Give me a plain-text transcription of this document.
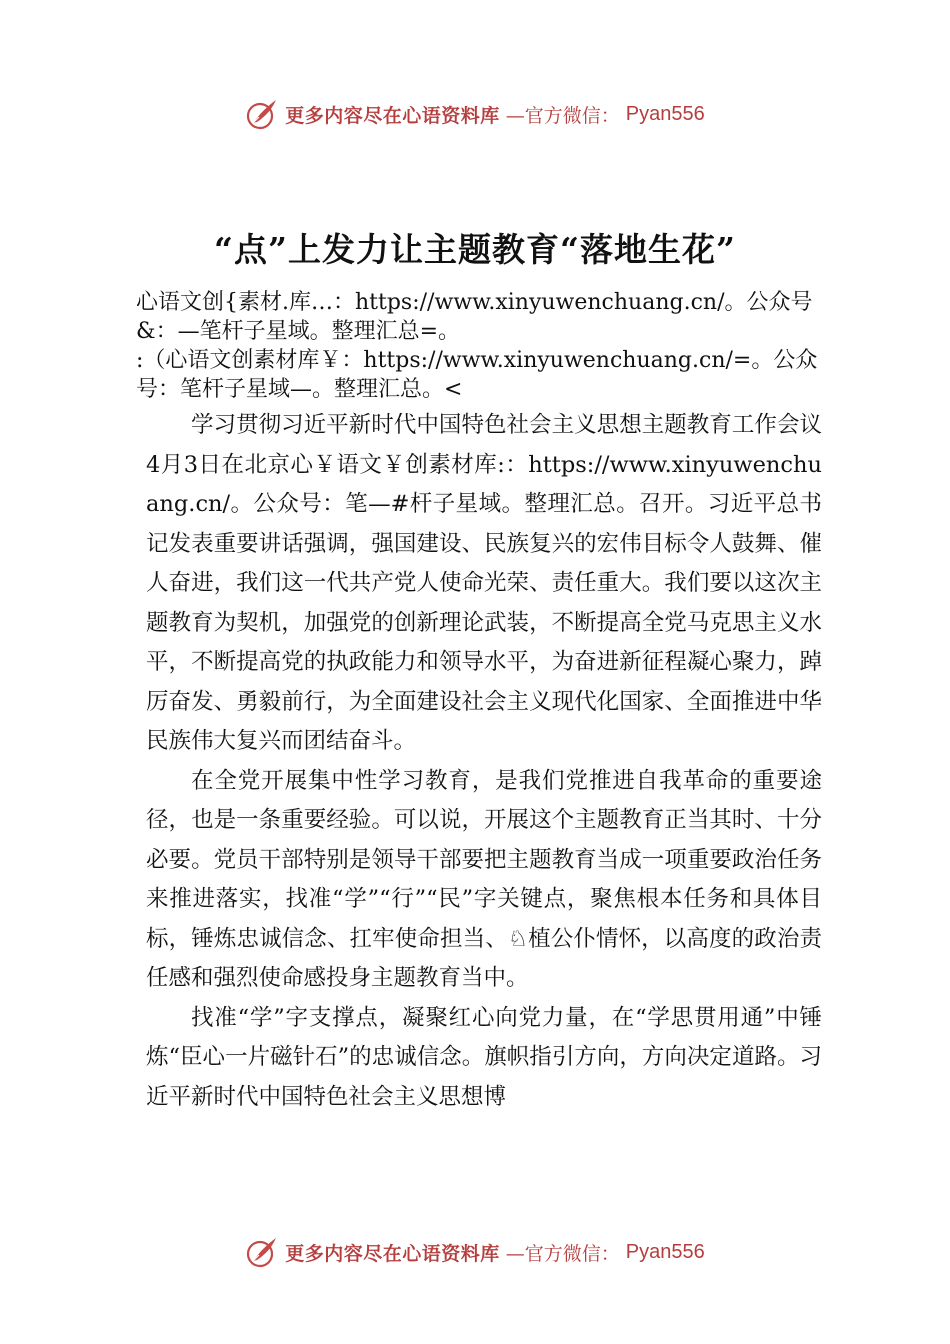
更多内容尽在心语资料库 —官方微信： Pyan556
“点”上发力让主题教育“落地生花”

心语文创{素材.库…：https://www.xinyuwenchuang.cn/。公众号&：—笔杆子星域。整理汇总=。

:（心语文创素材库￥：https://www.xinyuwenchuang.cn/=。公众号：笔杆子星域—。整理汇总。<

学习贯彻习近平新时代中国特色社会主义思想主题教育工作会议4月3日在北京心￥语文￥创素材库:：https://www.xinyuwenchuang.cn/。公众号：笔—#杆子星域。整理汇总。召开。习近平总书记发表重要讲话强调，强国建设、民族复兴的宏伟目标令人鼓舞、催人奋进，我们这一代共产党人使命光荣、责任重大。我们要以这次主题教育为契机，加强党的创新理论武装，不断提高全党马克思主义水平，不断提高党的执政能力和领导水平，为奋进新征程凝心聚力，踔厉奋发、勇毅前行，为全面建设社会主义现代化国家、全面推进中华民族伟大复兴而团结奋斗。

在全党开展集中性学习教育，是我们党推进自我革命的重要途径，也是一条重要经验。可以说，开展这个主题教育正当其时、十分必要。党员干部特别是领导干部要把主题教育当成一项重要政治任务来推进落实，找准“学”“行”“民”字关键点，聚焦根本任务和具体目标，锤炼忠诚信念、扛牢使命担当、♘植公仆情怀，以高度的政治责任感和强烈使命感投身主题教育当中。

找准“学”字支撑点，凝聚红心向党力量，在“学思贯用通”中锤炼“臣心一片磁针石”的忠诚信念。旗帜指引方向，方向决定道路。习近平新时代中国特色社会主义思想博

更多内容尽在心语资料库 —官方微信： Pyan556
